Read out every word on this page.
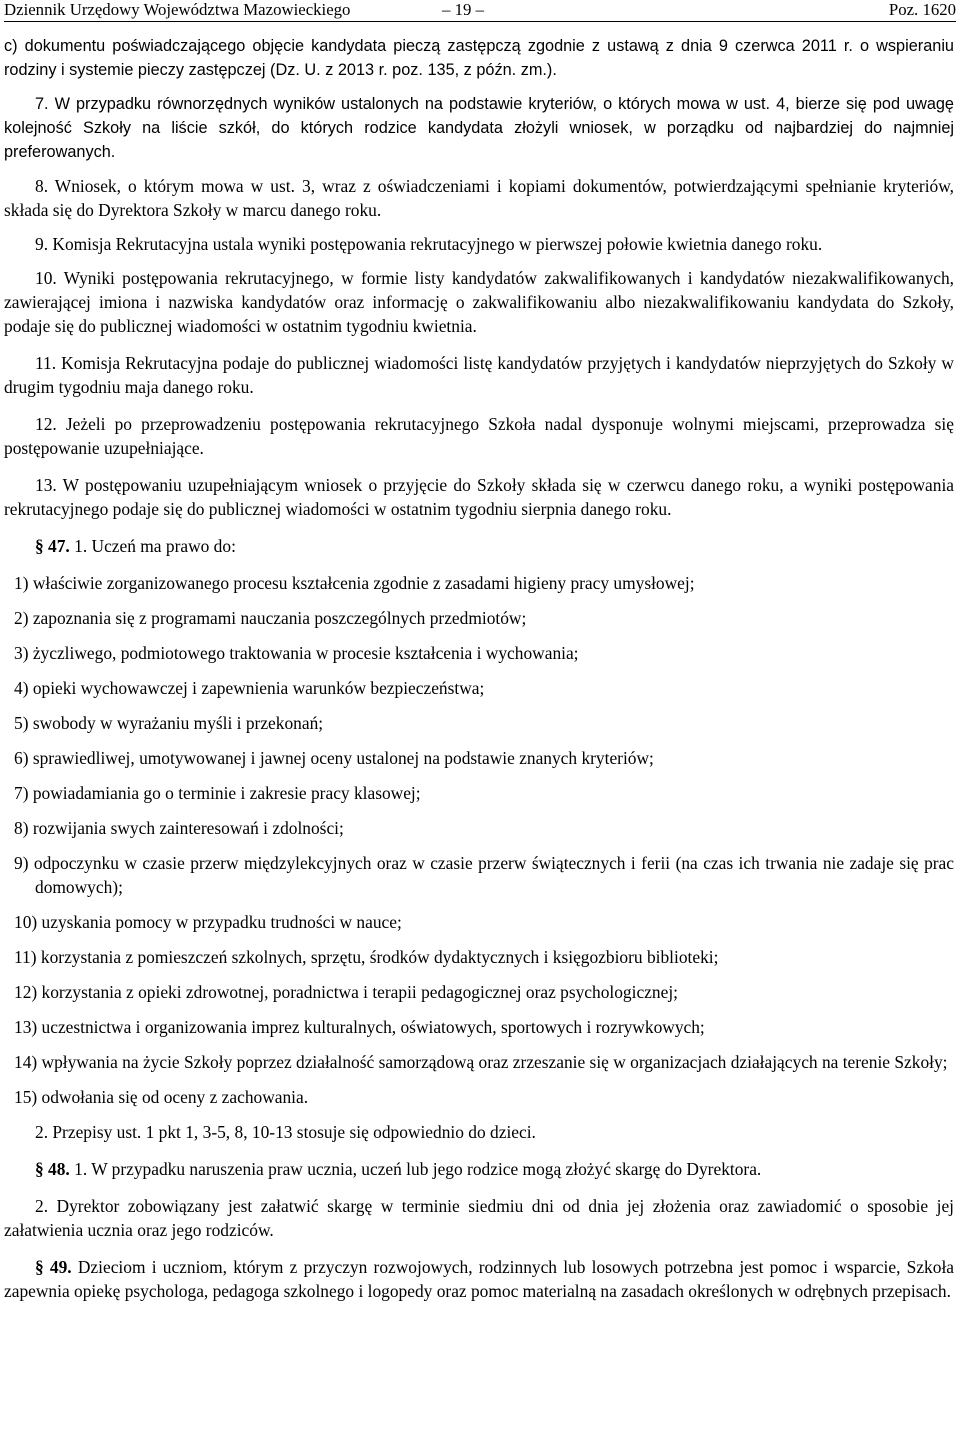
Dziennik Urzędowy Województwa Mazowieckiego	– 19 –	Poz. 1620

c) dokumentu poświadczającego objęcie kandydata pieczą zastępczą zgodnie z ustawą z dnia 9 czerwca 2011 r. o wspieraniu rodziny i systemie pieczy zastępczej (Dz. U. z 2013 r. poz. 135, z późn. zm.).

7. W przypadku równorzędnych wyników ustalonych na podstawie kryteriów, o których mowa w ust. 4, bierze się pod uwagę kolejność Szkoły na liście szkół, do których rodzice kandydata złożyli wniosek, w porządku od najbardziej do najmniej preferowanych.

8. Wniosek, o którym mowa w ust. 3, wraz z oświadczeniami i kopiami dokumentów, potwierdzającymi spełnianie kryteriów, składa się do Dyrektora Szkoły w marcu danego roku.

9. Komisja Rekrutacyjna ustala wyniki postępowania rekrutacyjnego w pierwszej połowie kwietnia danego roku.

10. Wyniki postępowania rekrutacyjnego, w formie listy kandydatów zakwalifikowanych i kandydatów niezakwalifikowanych, zawierającej imiona i nazwiska kandydatów oraz informację o zakwalifikowaniu albo niezakwalifikowaniu kandydata do Szkoły, podaje się do publicznej wiadomości w ostatnim tygodniu kwietnia.

11. Komisja Rekrutacyjna podaje do publicznej wiadomości listę kandydatów przyjętych i kandydatów nieprzyjętych do Szkoły w drugim tygodniu maja danego roku.

12. Jeżeli po przeprowadzeniu postępowania rekrutacyjnego Szkoła nadal dysponuje wolnymi miejscami, przeprowadza się postępowanie uzupełniające.

13. W postępowaniu uzupełniającym wniosek o przyjęcie do Szkoły składa się w czerwcu danego roku, a wyniki postępowania rekrutacyjnego podaje się do publicznej wiadomości w ostatnim tygodniu sierpnia danego roku.

§ 47. 1. Uczeń ma prawo do:

1) właściwie zorganizowanego procesu kształcenia zgodnie z zasadami higieny pracy umysłowej;

2) zapoznania się z programami nauczania poszczególnych przedmiotów;

3) życzliwego, podmiotowego traktowania w procesie kształcenia i wychowania;

4) opieki wychowawczej i zapewnienia warunków bezpieczeństwa;

5) swobody w wyrażaniu myśli i przekonań;

6) sprawiedliwej, umotywowanej i jawnej oceny ustalonej na podstawie znanych kryteriów;

7) powiadamiania go o terminie i zakresie pracy klasowej;

8) rozwijania swych zainteresowań i zdolności;

9) odpoczynku w czasie przerw międzylekcyjnych oraz w czasie przerw świątecznych i ferii (na czas ich trwania nie zadaje się prac domowych);

10) uzyskania pomocy w przypadku trudności w nauce;

11) korzystania z pomieszczeń szkolnych, sprzętu, środków dydaktycznych i księgozbioru biblioteki;

12) korzystania z opieki zdrowotnej, poradnictwa i terapii pedagogicznej oraz psychologicznej;

13) uczestnictwa i organizowania imprez kulturalnych, oświatowych, sportowych i rozrywkowych;

14) wpływania na życie Szkoły poprzez działalność samorządową oraz zrzeszanie się w organizacjach działających na terenie Szkoły;

15) odwołania się od oceny z zachowania.

2. Przepisy ust. 1 pkt 1, 3-5, 8, 10-13 stosuje się odpowiednio do dzieci.

§ 48. 1. W przypadku naruszenia praw ucznia, uczeń lub jego rodzice mogą złożyć skargę do Dyrektora.

2. Dyrektor zobowiązany jest załatwić skargę w terminie siedmiu dni od dnia jej złożenia oraz zawiadomić o sposobie jej załatwienia ucznia oraz jego rodziców.

§ 49. Dzieciom i uczniom, którym z przyczyn rozwojowych, rodzinnych lub losowych potrzebna jest pomoc i wsparcie, Szkoła zapewnia opiekę psychologa, pedagoga szkolnego i logopedy oraz pomoc materialną na zasadach określonych w odrębnych przepisach.
